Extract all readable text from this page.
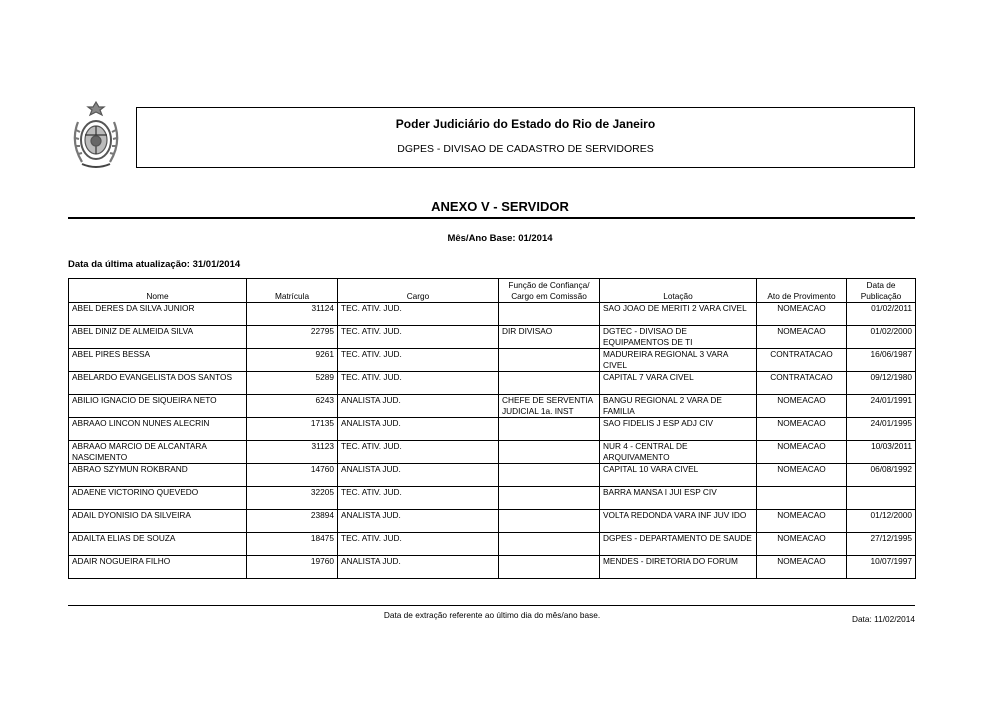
Poder Judiciário do Estado do Rio de Janeiro
DGPES - DIVISAO DE CADASTRO DE SERVIDORES
ANEXO V - SERVIDOR
Mês/Ano Base: 01/2014
Data da última atualização: 31/01/2014
Nome	Matrícula	Cargo	Função de Confiança/ Cargo em Comissão	Lotação	Ato de Provimento	Data de Publicação
ABEL DERES DA SILVA JUNIOR	31124	TEC. ATIV. JUD.		SAO JOAO DE MERITI 2 VARA CIVEL	NOMEACAO	01/02/2011
ABEL DINIZ DE ALMEIDA SILVA	22795	TEC. ATIV. JUD.	DIR DIVISAO	DGTEC - DIVISAO DE EQUIPAMENTOS DE TI	NOMEACAO	01/02/2000
ABEL PIRES BESSA	9261	TEC. ATIV. JUD.		MADUREIRA REGIONAL 3 VARA CIVEL	CONTRATACAO	16/06/1987
ABELARDO EVANGELISTA DOS SANTOS	5289	TEC. ATIV. JUD.		CAPITAL 7 VARA CIVEL	CONTRATACAO	09/12/1980
ABILIO IGNACIO DE SIQUEIRA NETO	6243	ANALISTA JUD.	CHEFE DE SERVENTIA JUDICIAL 1a. INST	BANGU REGIONAL 2 VARA DE FAMILIA	NOMEACAO	24/01/1991
ABRAAO LINCON NUNES ALECRIN	17135	ANALISTA JUD.		SAO FIDELIS J ESP ADJ CIV	NOMEACAO	24/01/1995
ABRAAO MARCIO DE ALCANTARA NASCIMENTO	31123	TEC. ATIV. JUD.		NUR 4 - CENTRAL DE ARQUIVAMENTO	NOMEACAO	10/03/2011
ABRAO SZYMUN ROKBRAND	14760	ANALISTA JUD.		CAPITAL 10 VARA CIVEL	NOMEACAO	06/08/1992
ADAENE VICTORINO QUEVEDO	32205	TEC. ATIV. JUD.		BARRA MANSA I JUI ESP CIV		
ADAIL DYONISIO DA SILVEIRA	23894	ANALISTA JUD.		VOLTA REDONDA VARA INF JUV IDO	NOMEACAO	01/12/2000
ADAILTA ELIAS DE SOUZA	18475	TEC. ATIV. JUD.		DGPES - DEPARTAMENTO DE SAUDE	NOMEACAO	27/12/1995
ADAIR NOGUEIRA FILHO	19760	ANALISTA JUD.		MENDES - DIRETORIA DO FORUM	NOMEACAO	10/07/1997
Data de extração referente ao último dia do mês/ano base.	Data: 11/02/2014
